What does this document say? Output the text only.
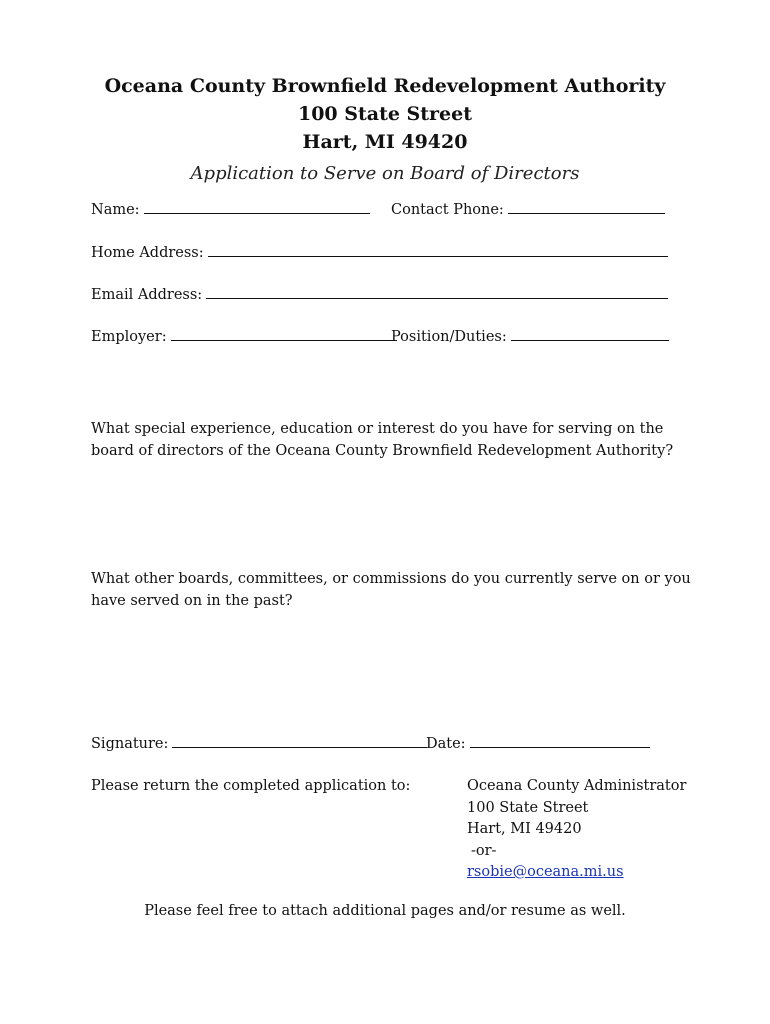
Oceana County Brownfield Redevelopment Authority
100 State Street
Hart, MI 49420
Application to Serve on Board of Directors
Name:	Contact Phone:
Home Address:
Email Address:
Employer:	Position/Duties:
What special experience, education or interest do you have for serving on the board of directors of the Oceana County Brownfield Redevelopment Authority?
What other boards, committees, or commissions do you currently serve on or you have served on in the past?
Signature:	Date:
Please return the completed application to:	Oceana County Administrator
100 State Street
Hart, MI 49420
-or-
rsobie@oceana.mi.us
Please feel free to attach additional pages and/or resume as well.
